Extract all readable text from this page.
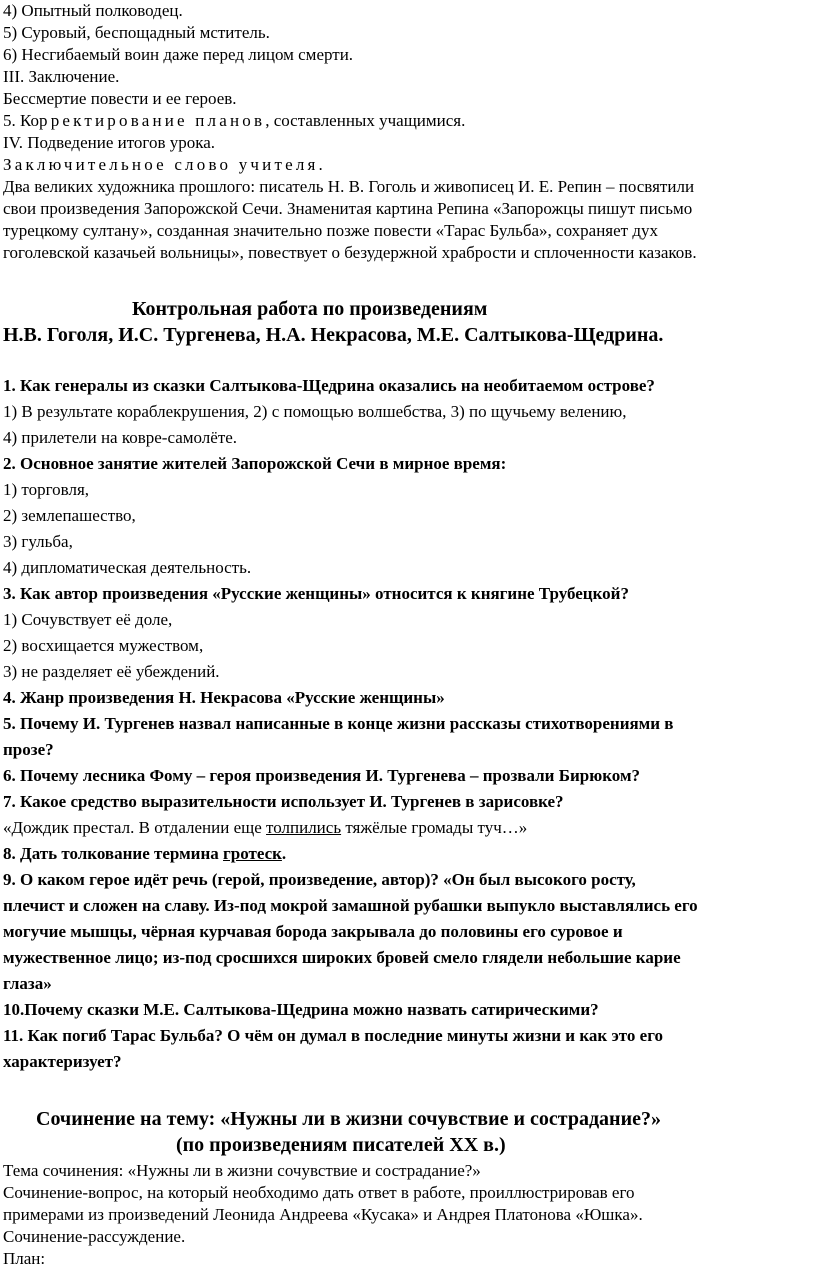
4) Опытный полководец.
5) Суровый, беспощадный мститель.
6) Несгибаемый воин даже перед лицом смерти.
III. Заключение.
Бессмертие повести и ее героев.
5. Корректирование планов, составленных учащимися.
IV. Подведение итогов урока.
Заключительное слово учителя.
Два великих художника прошлого: писатель Н. В. Гоголь и живописец И. Е. Репин – посвятили
свои произведения Запорожской Сечи. Знаменитая картина Репина «Запорожцы пишут письмо
турецкому султану», созданная значительно позже повести «Тарас Бульба», сохраняет дух
гоголевской казачьей вольницы», повествует о безудержной храбрости и сплоченности казаков.
Контрольная работа по произведениям
Н.В. Гоголя, И.С. Тургенева, Н.А. Некрасова, М.Е. Салтыкова-Щедрина.
1. Как генералы из сказки Салтыкова-Щедрина оказались на необитаемом острове?
1) В результате кораблекрушения, 2) с помощью волшебства, 3) по щучьему велению,
4) прилетели на ковре-самолёте.
2. Основное занятие жителей Запорожской Сечи в мирное время:
1) торговля,
2) землепашество,
3) гульба,
4) дипломатическая деятельность.
3. Как автор произведения «Русские женщины» относится к княгине Трубецкой?
1) Сочувствует её доле,
2) восхищается мужеством,
3) не разделяет её убеждений.
4. Жанр произведения Н. Некрасова «Русские женщины»
5. Почему И. Тургенев назвал написанные в конце жизни рассказы стихотворениями в
прозе?
6. Почему лесника Фому – героя произведения И. Тургенева – прозвали Бирюком?
7. Какое средство выразительности использует И. Тургенев в зарисовке?
«Дождик престал. В отдалении еще толпились тяжёлые громады туч…»
8. Дать толкование термина гротеск.
9. О каком герое идёт речь (герой, произведение, автор)? «Он был высокого росту,
плечист и сложен на славу. Из-под мокрой замашной рубашки выпукло выставлялись его
могучие мышцы, чёрная курчавая борода закрывала до половины его суровое и
мужественное лицо; из-под сросшихся широких бровей смело глядели небольшие карие
глаза»
10.Почему сказки М.Е. Салтыкова-Щедрина можно назвать сатирическими?
11. Как погиб Тарас Бульба? О чём он думал в последние минуты жизни и как это его
характеризует?
Сочинение на тему: «Нужны ли в жизни сочувствие и сострадание?»
(по произведениям писателей XX в.)
Тема сочинения: «Нужны ли в жизни сочувствие и сострадание?»
Сочинение-вопрос, на который необходимо дать ответ в работе, проиллюстрировав его
примерами из произведений Леонида Андреева «Кусака» и Андрея Платонова «Юшка».
Сочинение-рассуждение.
План:
